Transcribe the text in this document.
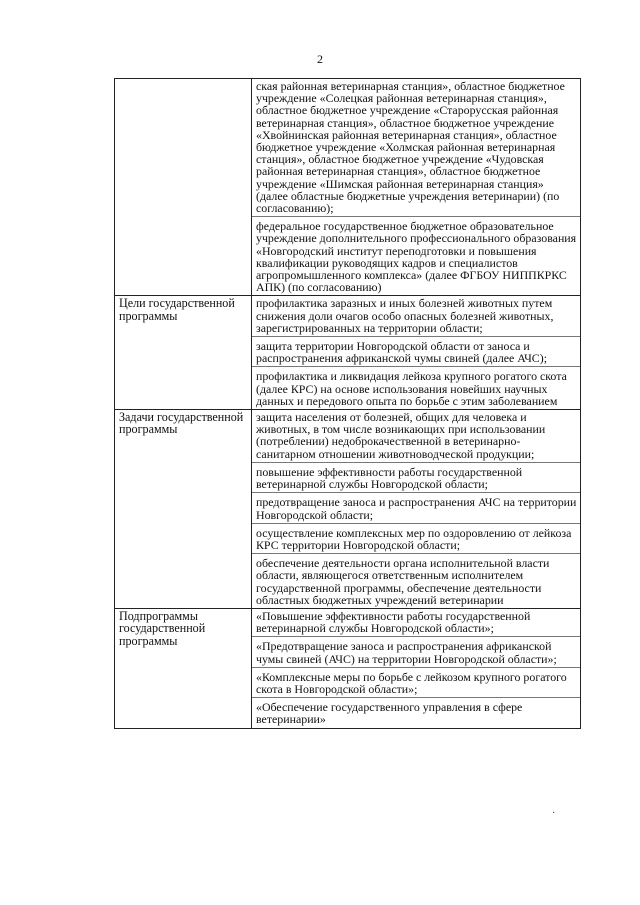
2

	ская районная ветеринарная станция», областное бюджетное учреждение «Солецкая районная ветеринарная станция», областное бюджетное учреждение «Старорусская районная ветеринарная станция», областное бюджетное учреждение «Хвойнинская районная ветеринарная станция», областное бюджетное учреждение «Холмская районная ветеринарная станция», областное бюджетное учреждение «Чудовская районная ветеринарная станция», областное бюджетное учреждение «Шимская районная ветеринарная станция» (далее областные бюджетные учреждения ветеринарии) (по согласованию);
федеральное государственное бюджетное образовательное учреждение дополнительного профессионального образования «Новгородский институт переподготовки и повышения квалификации руководящих кадров и специалистов агропромышленного комплекса» (далее ФГБОУ НИППКРКС АПК) (по согласованию)

Цели государственной программы	профилактика заразных и иных болезней животных путем снижения доли очагов особо опасных болезней животных, зарегистрированных на территории области;
защита территории Новгородской области от заноса и распространения африканской чумы свиней (далее АЧС);
профилактика и ликвидация лейкоза крупного рогатого скота (далее КРС) на основе использования новейших научных данных и передового опыта по борьбе с этим заболеванием

Задачи государственной программы	защита населения от болезней, общих для человека и животных, в том числе возникающих при использовании (потреблении) недоброкачественной в ветеринарно-санитарном отношении животноводческой продукции;
повышение эффективности работы государственной ветеринарной службы Новгородской области;
предотвращение заноса и распространения АЧС на территории Новгородской области;
осуществление комплексных мер по оздоровлению от лейкоза КРС территории Новгородской области;
обеспечение деятельности органа исполнительной власти области, являющегося ответственным исполнителем государственной программы, обеспечение деятельности областных бюджетных учреждений ветеринарии

Подпрограммы государственной программы	«Повышение эффективности работы государственной ветеринарной службы Новгородской области»;
«Предотвращение заноса и распространения африканской чумы свиней (АЧС) на территории Новгородской области»;
«Комплексные меры по борьбе с лейкозом крупного рогатого скота в Новгородской области»;
«Обеспечение государственного управления в сфере ветеринарии»
·
